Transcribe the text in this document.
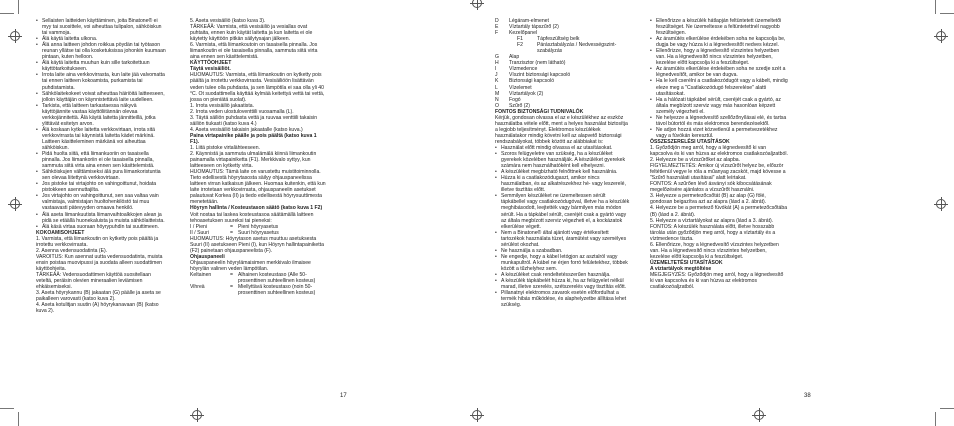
• Sellaisten laitteiden käyttäminen, joita Binatone® ei myy tai suosittele, voi aiheuttaa tulipalon, sähköiskun tai vammoja.
• Älä käytä laitetta ulkona.
• Älä anna laitteen johdon roikkua pöydän tai työtason reunan yllätse tai olla kosketuksissa johonkin kuumaan pintaan, kuten helloon.
• Älä käytä laitetta muuhun kuin sille tarkoitettuun käyttötarkoitukseen.
• Irrota laite aina verkkovirrasta, kun laite jää valvomatta tai ennen laitteen kokoamista, purkamista tai puhdistamista.
• Sähkölaitekokeet voivat aiheuttaa häiriöitä laitteeseen, jolloin käyttäjän on käynnistettävä laite uudelleen.
• Tarkista, että laitteen tarkastaessa näkyvä käyttöjännite vastaa käyttöliitännän olevaa verkkojännitettä. Älä käytä laitetta jännitteillä, jotka ylittävät esitetyn arvon.
• Älä koskaan kytke laitetta verkkovirtaan, irrota sitä verkkovirrasta tai käynnistä laitetta kädet märkinä. Laitteen käsitteleminen märkänä voi aiheuttaa sähköiskun.
• Pidä huolta siitä, että liimankuoriin on tasaisella pinnalla. Jos liimankoriin ei ole tasaisella pinnalla, sammuta siitä virta aina ennen sen käsittelemistä.
• Sähköiskujen välttämiseksi älä pura liimankoristuntia sen olevaa liitettynä verkkovirtaan.
• Jos pistoke tai virtajohto on vahingoittunut, hoidata pistokkeen asennuttajilta.
• Jos virtajohto on vahingoittunut, sen saa valtaa vain valmistaja, valmistajan huoltohenkilöstö tai muu vastaavasti pätevyyden omaava henkilö.
• Älä aseta liimankuutista liimanvaihtoalkkojen alean ja pidä se etäällä huonekaluista ja muista sähkölaitteista.
• Älä käsä virtaa suoraan höyrypuhdin tai suuttimeen.

KOKOAMISOHJEET

1. Varmista, että liimankoutin on kytketty pois päältä ja irrotettu verkkovirrasta.
2. Asenna vedensuodatinta (E).
VAROITUS: Kun asennat uutta vedensuodatinta, muista ensin poistaa muovipussi ja suodata alleen suodattimen käyttöohjeita.
TÄRKEÄÄ: Vedensuodattimen käyttöä suositellaan veteltä, peräisin olevien mineraalien leviämisen ehkäisemiseksi.
3. Aseta höyrykannu (B) jakaatan (G) päälle ja aseta se paikalleen varovasti (katso kuva 2).
4. Aseta kotulitjan suutin (A) höyrykanavaan (B) (katso kuva 2).

5. Aseta vesisäiliö (katso kuva 3).

TÄRKEÄÄ: Varmista, että vesisäiliö ja vesiallas ovat puhtaita, ennen kuin käytät laitetta ja kun laitetta ei ole käytetty käyttöön pitkän säilytysajan jälkeen.

6. Varmista, että liimankoutoin on tasaisella pinnalla. Jos liimankoutin ei ole tasaisella pinnalla, sammuta siitä virta aina ennen sen käsittelemistä.

KÄYTTÖOHJEET

Täytä vesisäiliöt.

HUOMAUTUS: Varmista, että liimankoutin on kytketty pois päältä ja irrotettu verkkovirrasta. Vesisäiliöön lisättävän veden tulee olla puhdasta, ja sen lämpötila ei saa olla yli 40 °C. Ot suodattimella käyttää kylmää keitettyä vettä tai vettä, jossa on pieniätä suolat).

1. Irrota vesisäiliö jakaatista.

2. Irrota veden ulostuloventtiili vuosamalla (L).

3. Täytä säiliön puhdasta vettä ja ruuvaa venttiili takaisin säiliön tiukasti (katso kuva 4.)

4. Aseta vesisäiliö takaisin jakaatalle (katso kuva.)

Paina virtapainike päälle ja pois päältä (katso kuva 1 F1).

1. Liitä pistoke virtalähteeseen.

2. Käynnistä ja sammuta ulmalämälä kiinnä liimankoutin painamalla virtapainiketta (F1). Merkkivalo syttyy, kun laitteeseen on kytketty virta.

HUOMAUTUS: Tämä laite on varustettu muistitoiminnolla. Tieto edellisestä höyrytasosta säilyy ohjauspaneelissa laitteen virran katkaisun jälkeen. Huomaa kuitenkin, että kun laite irrotetaan verkkovirrasta, ohjauspaneelin asetukset palautuvat Korkea (II) ja tiedo edellisestä höyrysuuttimesta menetetään.

Höyryn hallinta / Kosteustason säätö (katso kuva 1 F2)

Voit nostaa tai laskea kosteustasoa säätämällä laitteen tehoasetuksen suureksi tai pieneksi:

I / Pieni	= Pieni höyryasetus
II / Suuri	= Suuri höyryasetus

HUOMAUTUS: Höyrytason asetus muuttuu asetuksesta Suuri (II) asetukseen Pieni (I), kun Höyryn hallintapainiketta (F2) painetaan ohjauspaneelista (F).

Ohjauspaneeli

Ohjauspaneelin höyrylämaisimen merkkivalo ilmaisee höyrylän valinen veden lämpötilan.

Keltainen	= Alhainen kosteustaso (Alle 50-prosenttinen suhteellinen kosteus)
Vihreä	= Miellyttävä kosteustaso (noin 50-prosenttinen suhteellinen kosteus)
17
D	Légáram-elmenet
E	Víztartály tápszűrő (2)
F	Kezelőpanel
F1	Tápfeszültség belk
F2	Párásztabályzás / Nedvességszint-szabályzás
G	Alap
H	Tranzisztor (nem látható)
I	Vízmedence
J	Víszint biztonsági kapcsoló
K	Biztonsági kapcsoló
L	Vízelemet
M	Víztartályok (2)
N	Fogó
O	Szűrő (2)

FONTOS BIZTONSÁGI TUDNIVALÓK

Kérjük, gondosan olvassa el az e készülékhez az eszköz használatba vétele előtt, ment a helyes használat biztosítja a legjobb teljesítményt. Elektromos készülékek használatakor mindig követni kell az alapvető biztonsági rendszabályokat, többek között az alábbiakat is:

• Használat előtt mindig olvassa el az utasításokat.
• Szoros felügyeletre van szükség, ha a készüléket gyerekek közelében használják. A készüléket gyerekek számára nem használhatóként kell elhelyezni.
• A készüléket megbízható felnőttnek kell használnia.
• Húzza ki a csatlakozódugaszt, amikor nincs használatban, és az alkatrészekhez hé- vagy leszerelé, illetve tisztítás előtt.
• Semmilyen készüléket ne üzemeltessen sérült tápkábellel vagy csatlakozódugóval, illetve ha a készülék meghibásodott, leejtették vagy bármilyen más módon sérült. Ha a tápkábel sérült, cseréjét csak a gyártó vagy az általa megbízott szerviz végezheti el, a kockázatok elkerülése végett.
• Nem a Binatone® által ajánlott vagy értékesített tartozékok használata tüzet, áramütést vagy személyes sérülést okozhat.
• Ne használja a szabadban.
• Ne engedje, hogy a kábel letógjon az asztalról vagy munkapultról. A kábel ne érjen forró felületekhez, többek között a tűzhelyhez sem.
• A készüléket csak rendeltetésszerűen használja.
• A készülék tápkábelét húzza ki, ha az felügyelet nélkül marad, illetve szerelés, szétszerelés vagy tisztítás előtt.
• Pillanatnyi elektromos zavarok esetén előfordulhat a termék hibás működése, és alaphelyzetbe állítása lehet szükség.
• Ellenőrizze a készülék hátlapján feltüntetett üzemeltetői feszültséget. Ne üzemeltesse a feltüntetettnél nagyobb feszültségen.
• Az áramütés elkerülése érdekében soha ne kapcsolja be, dugja be vagy húzza ki a légnedvesítőt nedves kézzel.
• Ellenőrizze, hogy a légnedvesítő vízszintes helyzetben van. Ha a légnedvesítő nincs vízszintes helyzetben, kezelése előtt kapcsolja ki a feszültséget.
• Az áramütés elkerülése érdekében soha ne szedje szét a légnedvesítőt, amikor be van dugva.
• Ha le kell cserélni a csatlakozódugót vagy a kábelt, mindig eleze meg a "Csatlakozódugó felszerelése" alatti utasításokat.
• Ha a hálózati tápkábel sérült, cseréjét csak a gyártó, az általa megbízott szerviz vagy más hasonlóan képzett személy végezheti el.
• Ne helyezze a légnedvesítő szellőzőnyílásai elé, és tartsa távol bútortól és más elektromos berendezésektől.
• Ne adjon hozzá vizet közvetlenül a permetvezetékhez vagy a fúvókán keresztül.

ÖSSZESZERELÉSI UTASÍTÁSOK

1. Győződjön meg arról, hogy a légnedvesítő ki van kapcsolva és ki van húzva az elektromos csatlakozóaljzatból.
2. Helyezze be a vízszűrőket az alapba.
FIGYELMEZTETÉS: Amikor új vízszűrőt helyez be, először feltétlenül vegye le róla a műanyag zacskót, majd kövesse a "Szűrő használati utasításai" alatt leírtakat.
FONTOS: A szűrően lévő ásványi sók kibocsátásának megelőzésére ajánlatos a vízszűrőt használni.
3. Helyezze a permetezőcsőtát (B) az alap (G) fölé, gondosan beigazítva azt az alapra (lásd a 2. ábrát).
4. Helyezze be a permetező fúvókát (A) a permetezőcsőtába (B) (lásd a 2. ábrát).
5. Helyezze a víztartályokat az alapra (lásd a 3. ábrát).
FONTOS: A készülék használata előtt, illetve hosszabb tárolás után győződjön meg arról, hogy a víztartály és a víztmedence tiszta.
6. Ellenőrizze, hogy a légnedvesítő vízszintes helyzetben van. Ha a légnedvesítő nincs vízszintes helyzetben, kezelése előtt kapcsolja ki a feszültséget.

ÜZEMELTETÉSI UTASÍTÁSOK

A víztartályok megtöltése

MEGJEGYZÉS: Győződjön meg arról, hogy a légnedvesítő ki van kapcsolva és ki van húzva az elektromos csatlakozóaljzatból.

38
